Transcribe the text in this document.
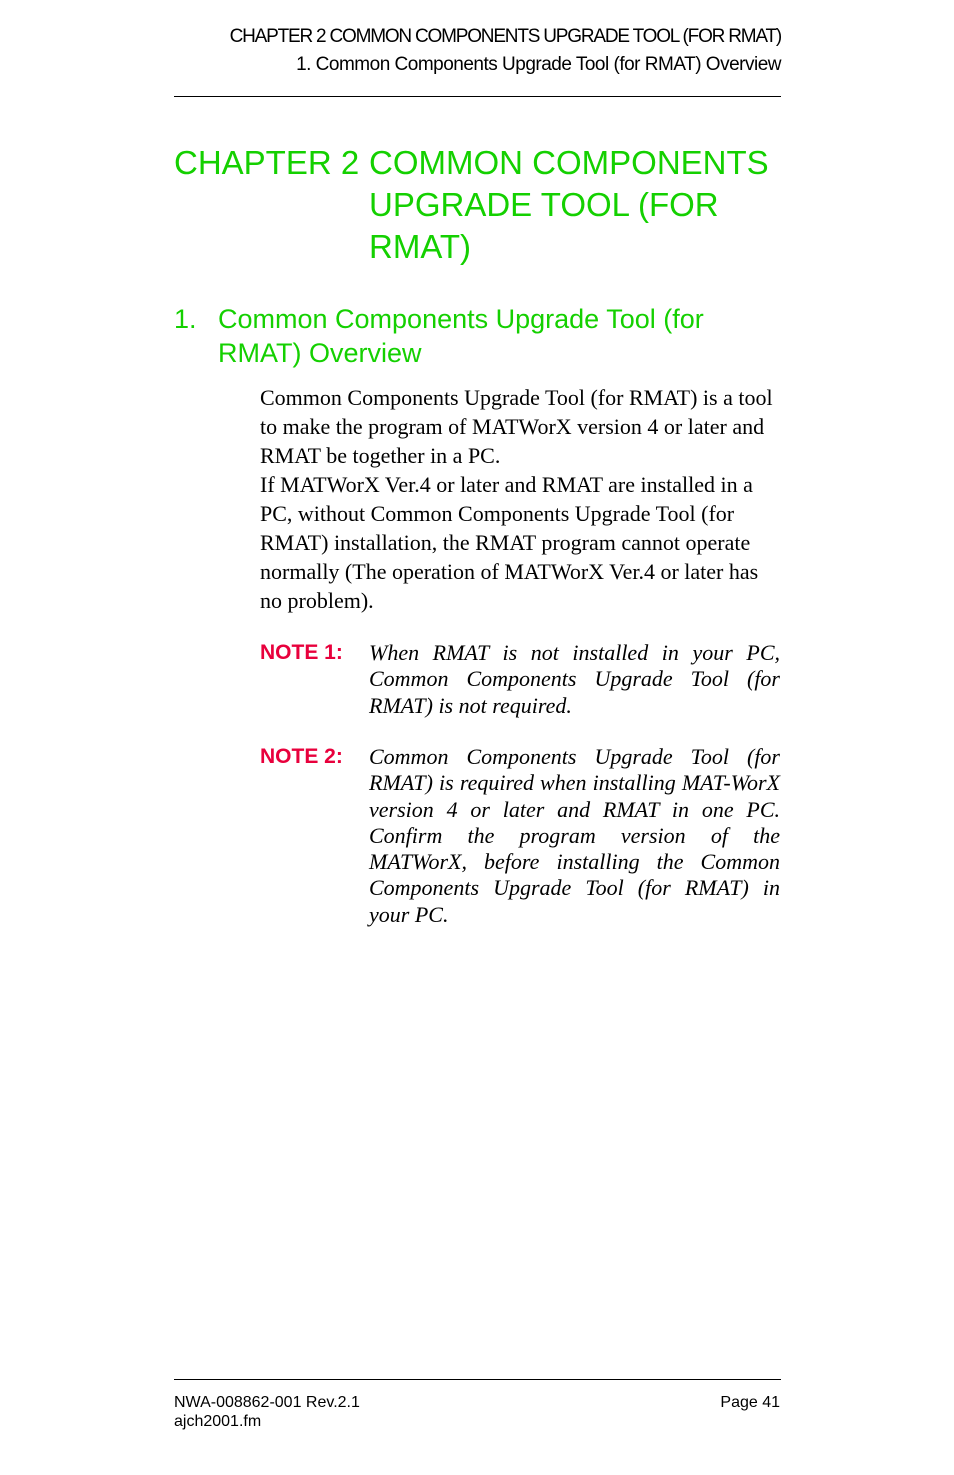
CHAPTER 2 COMMON COMPONENTS UPGRADE TOOL (FOR RMAT)
1. Common Components Upgrade Tool (for RMAT) Overview
CHAPTER 2 COMMON COMPONENTS UPGRADE TOOL (FOR RMAT)
1. Common Components Upgrade Tool (for RMAT) Overview

Common Components Upgrade Tool (for RMAT) is a tool to make the program of MATWorX version 4 or later and RMAT be together in a PC.

If MATWorX Ver.4 or later and RMAT are installed in a PC, without Common Components Upgrade Tool (for RMAT) installation, the RMAT program cannot operate normally (The operation of MATWorX Ver.4 or later has no problem).

NOTE 1: When RMAT is not installed in your PC, Common Components Upgrade Tool (for RMAT) is not required.
NOTE 2: Common Components Upgrade Tool (for RMAT) is required when installing MAT-WorX version 4 or later and RMAT in one PC. Confirm the program version of the MATWorX, before installing the Common Components Upgrade Tool (for RMAT) in your PC.
NWA-008862-001 Rev.2.1
ajch2001.fm
Page 41
